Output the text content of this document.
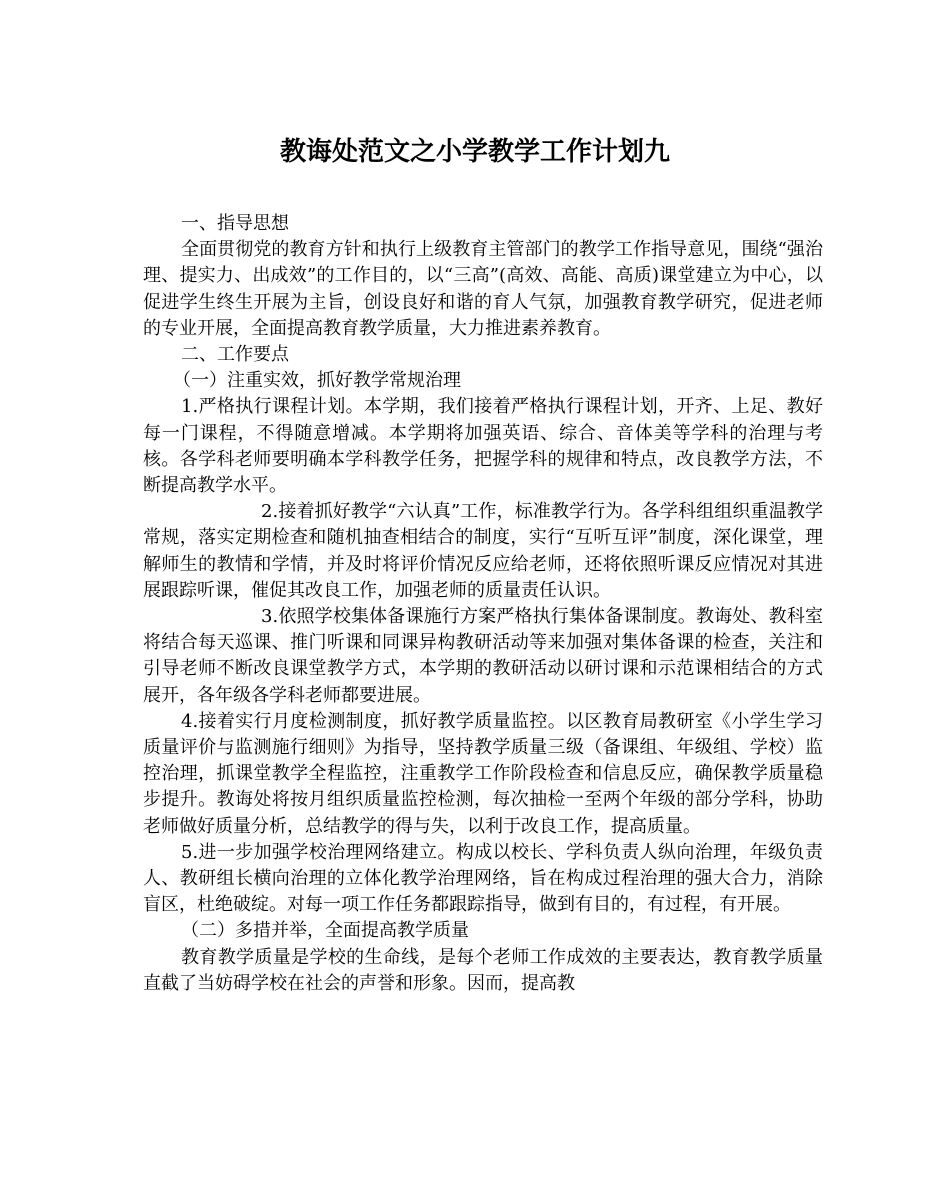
教诲处范文之小学教学工作计划九

一、指导思想

全面贯彻党的教育方针和执行上级教育主管部门的教学工作指导意见，围绕“强治理、提实力、出成效”的工作目的，以“三高”(高效、高能、高质)课堂建立为中心，以促进学生终生开展为主旨，创设良好和谐的育人气氛，加强教育教学研究，促进老师的专业开展，全面提高教育教学质量，大力推进素养教育。

二、工作要点

（一）注重实效，抓好教学常规治理

1.严格执行课程计划。本学期，我们接着严格执行课程计划，开齐、上足、教好每一门课程，不得随意增减。本学期将加强英语、综合、音体美等学科的治理与考核。各学科老师要明确本学科教学任务，把握学科的规律和特点，改良教学方法，不断提高教学水平。

2.接着抓好教学“六认真”工作，标准教学行为。各学科组组织重温教学常规，落实定期检查和随机抽查相结合的制度，实行“互听互评”制度，深化课堂，理解师生的教情和学情，并及时将评价情况反应给老师，还将依照听课反应情况对其进展跟踪听课，催促其改良工作，加强老师的质量责任认识。

3.依照学校集体备课施行方案严格执行集体备课制度。教诲处、教科室将结合每天巡课、推门听课和同课异构教研活动等来加强对集体备课的检查，关注和引导老师不断改良课堂教学方式，本学期的教研活动以研讨课和示范课相结合的方式展开，各年级各学科老师都要进展。

4.接着实行月度检测制度，抓好教学质量监控。以区教育局教研室《小学生学习质量评价与监测施行细则》为指导，坚持教学质量三级（备课组、年级组、学校）监控治理，抓课堂教学全程监控，注重教学工作阶段检查和信息反应，确保教学质量稳步提升。教诲处将按月组织质量监控检测，每次抽检一至两个年级的部分学科，协助老师做好质量分析，总结教学的得与失，以利于改良工作，提高质量。

5.进一步加强学校治理网络建立。构成以校长、学科负责人纵向治理，年级负责人、教研组长横向治理的立体化教学治理网络，旨在构成过程治理的强大合力，消除盲区，杜绝破绽。对每一项工作任务都跟踪指导，做到有目的，有过程，有开展。

（二）多措并举，全面提高教学质量

教育教学质量是学校的生命线，是每个老师工作成效的主要表达，教育教学质量直截了当妨碍学校在社会的声誉和形象。因而，提高教
